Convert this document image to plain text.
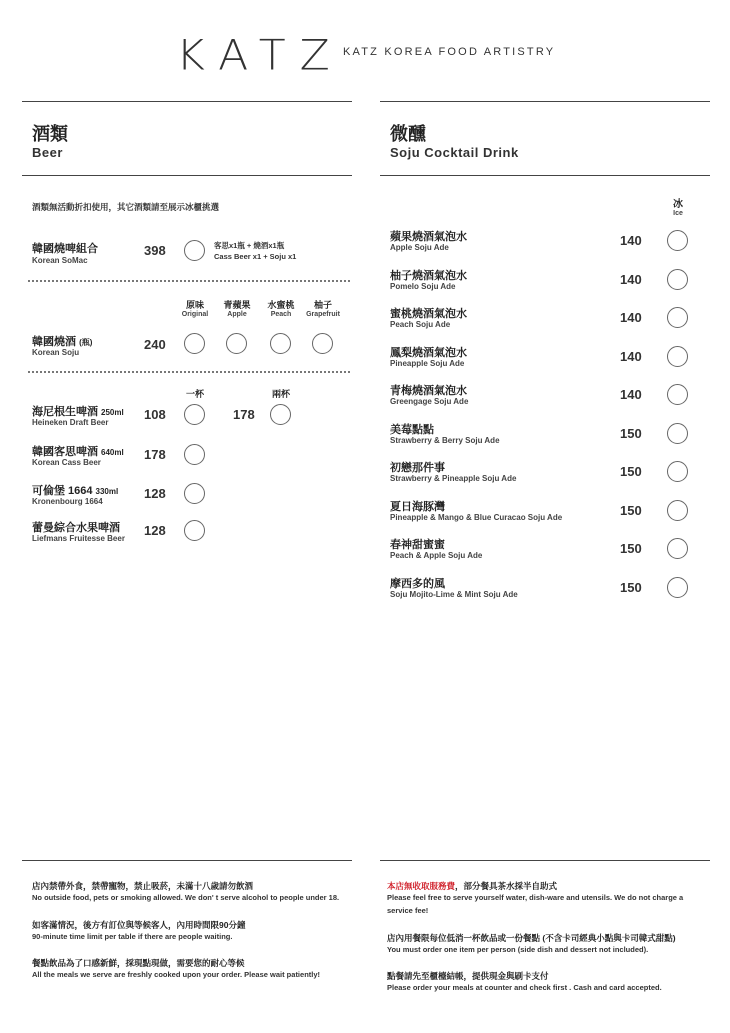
KATZ KATZ KOREA FOOD ARTISTRY
酒類
Beer
微醺
Soju Cocktail Drink
酒類無活動折扣使用，其它酒類請至展示冰櫃挑選
韓國燒啤組合
Korean SoMac
398	客思x1瓶 + 燒酒x1瓶
Cass Beer x1 + Soju x1
原味
Original
青蘋果
Apple
水蜜桃
Peach
柚子
Grapefruit
韓國燒酒 (瓶)
Korean Soju
240
一杯	兩杯
海尼根生啤酒 250ml
Heineken Draft Beer
108	178
韓國客思啤酒 640ml
Korean Cass Beer
178
可倫堡 1664 330ml
Kronenbourg 1664
128
蕾曼綜合水果啤酒
Liefmans Fruitesse Beer
128
冰
Ice
蘋果燒酒氣泡水
Apple Soju Ade	140
柚子燒酒氣泡水
Pomelo Soju Ade	140
蜜桃燒酒氣泡水
Peach Soju Ade	140
鳳梨燒酒氣泡水
Pineapple Soju Ade	140
青梅燒酒氣泡水
Greengage Soju Ade	140
美莓點點
Strawberry & Berry Soju Ade	150
初戀那件事
Strawberry & Pineapple Soju Ade	150
夏日海豚灣
Pineapple & Mango & Blue Curacao Soju Ade	150
春神甜蜜蜜
Peach & Apple Soju Ade	150
摩西多的風
Soju Mojito-Lime & Mint Soju Ade	150
店內禁帶外食，禁帶寵物，禁止吸菸，未滿十八歲請勿飲酒
No outside food, pets or smoking allowed. We don' t serve alcohol to people under 18.
如客滿情況，後方有訂位與等候客人，內用時間限90分鐘
90-minute time limit per table if there are people waiting.
餐點飲品為了口感新鮮，採現點現做，需要您的耐心等候
All the meals we serve are freshly cooked upon your order. Please wait patiently!
本店無收取服務費，部分餐具茶水採半自助式
Please feel free to serve yourself water, dish-ware and utensils. We do not charge a
service fee!
店內用餐限每位低消一杯飲品或一份餐點 (不含卡司經典小點與卡司韓式甜點)
You must order one item per person (side dish and dessert not included).
點餐請先至櫃檯結帳，提供現金與刷卡支付
Please order your meals at counter and check first . Cash and card accepted.
